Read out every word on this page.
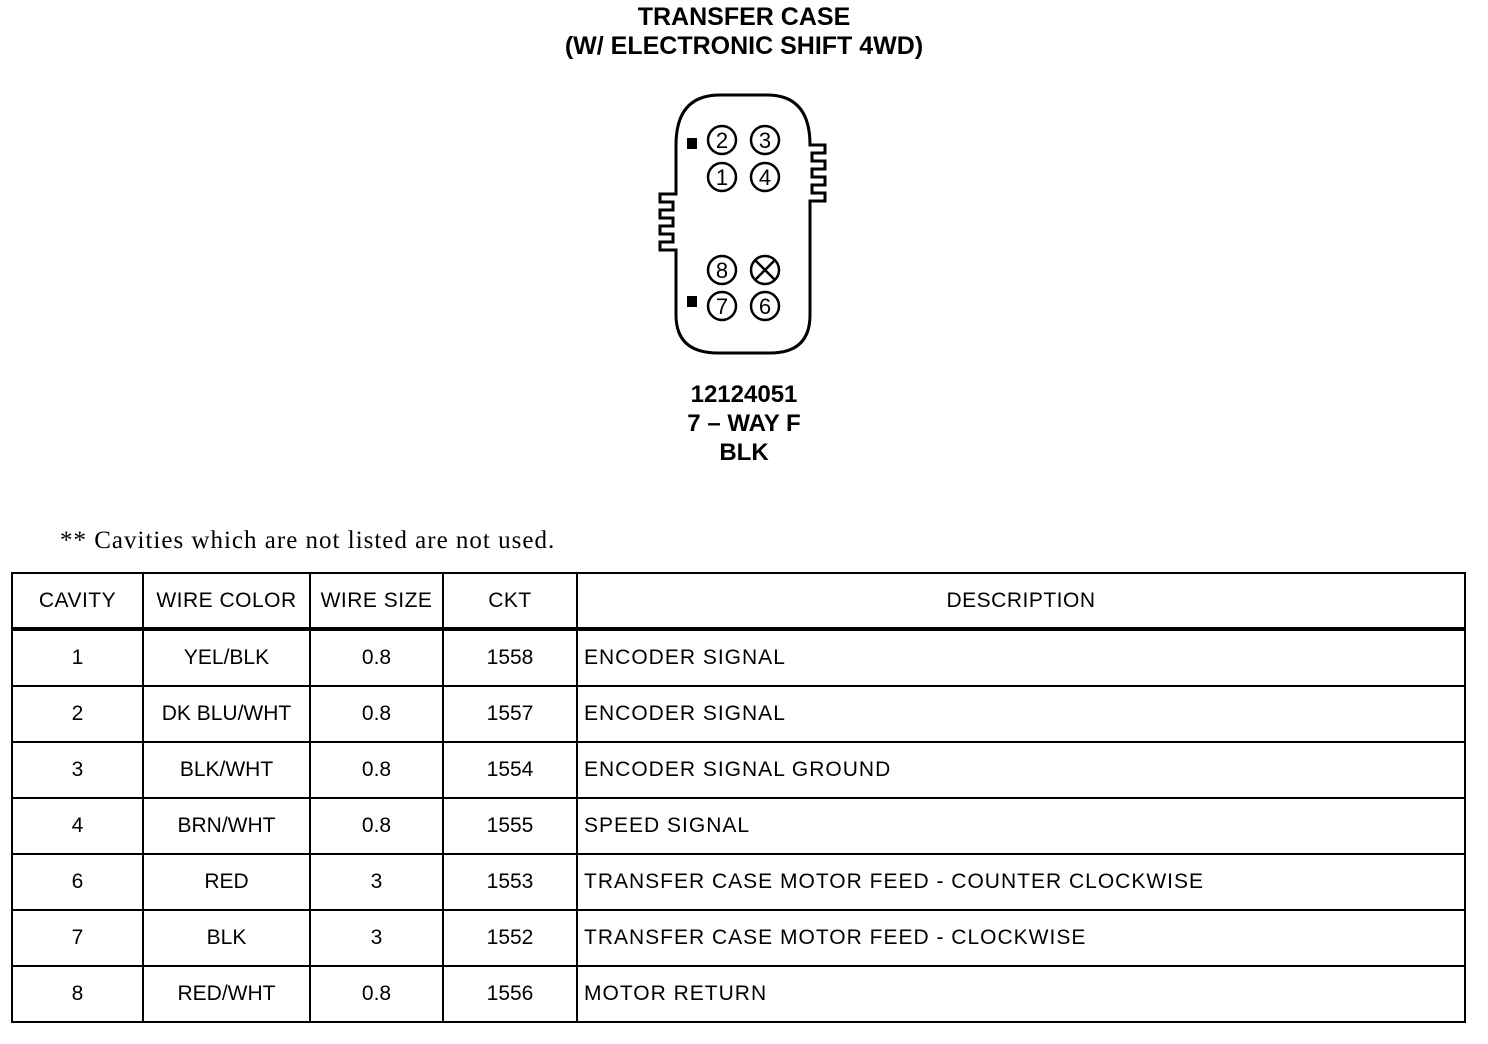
TRANSFER CASE
(W/ ELECTRONIC SHIFT 4WD)
2 3
1 4
8
7 6
12124051
7 – WAY F
BLK
** Cavities which are not listed are not used.
CAVITY	WIRE COLOR	WIRE SIZE	CKT	DESCRIPTION
1	YEL/BLK	0.8	1558	ENCODER SIGNAL
2	DK BLU/WHT	0.8	1557	ENCODER SIGNAL
3	BLK/WHT	0.8	1554	ENCODER SIGNAL GROUND
4	BRN/WHT	0.8	1555	SPEED SIGNAL
6	RED	3	1553	TRANSFER CASE MOTOR FEED - COUNTER CLOCKWISE
7	BLK	3	1552	TRANSFER CASE MOTOR FEED - CLOCKWISE
8	RED/WHT	0.8	1556	MOTOR RETURN
